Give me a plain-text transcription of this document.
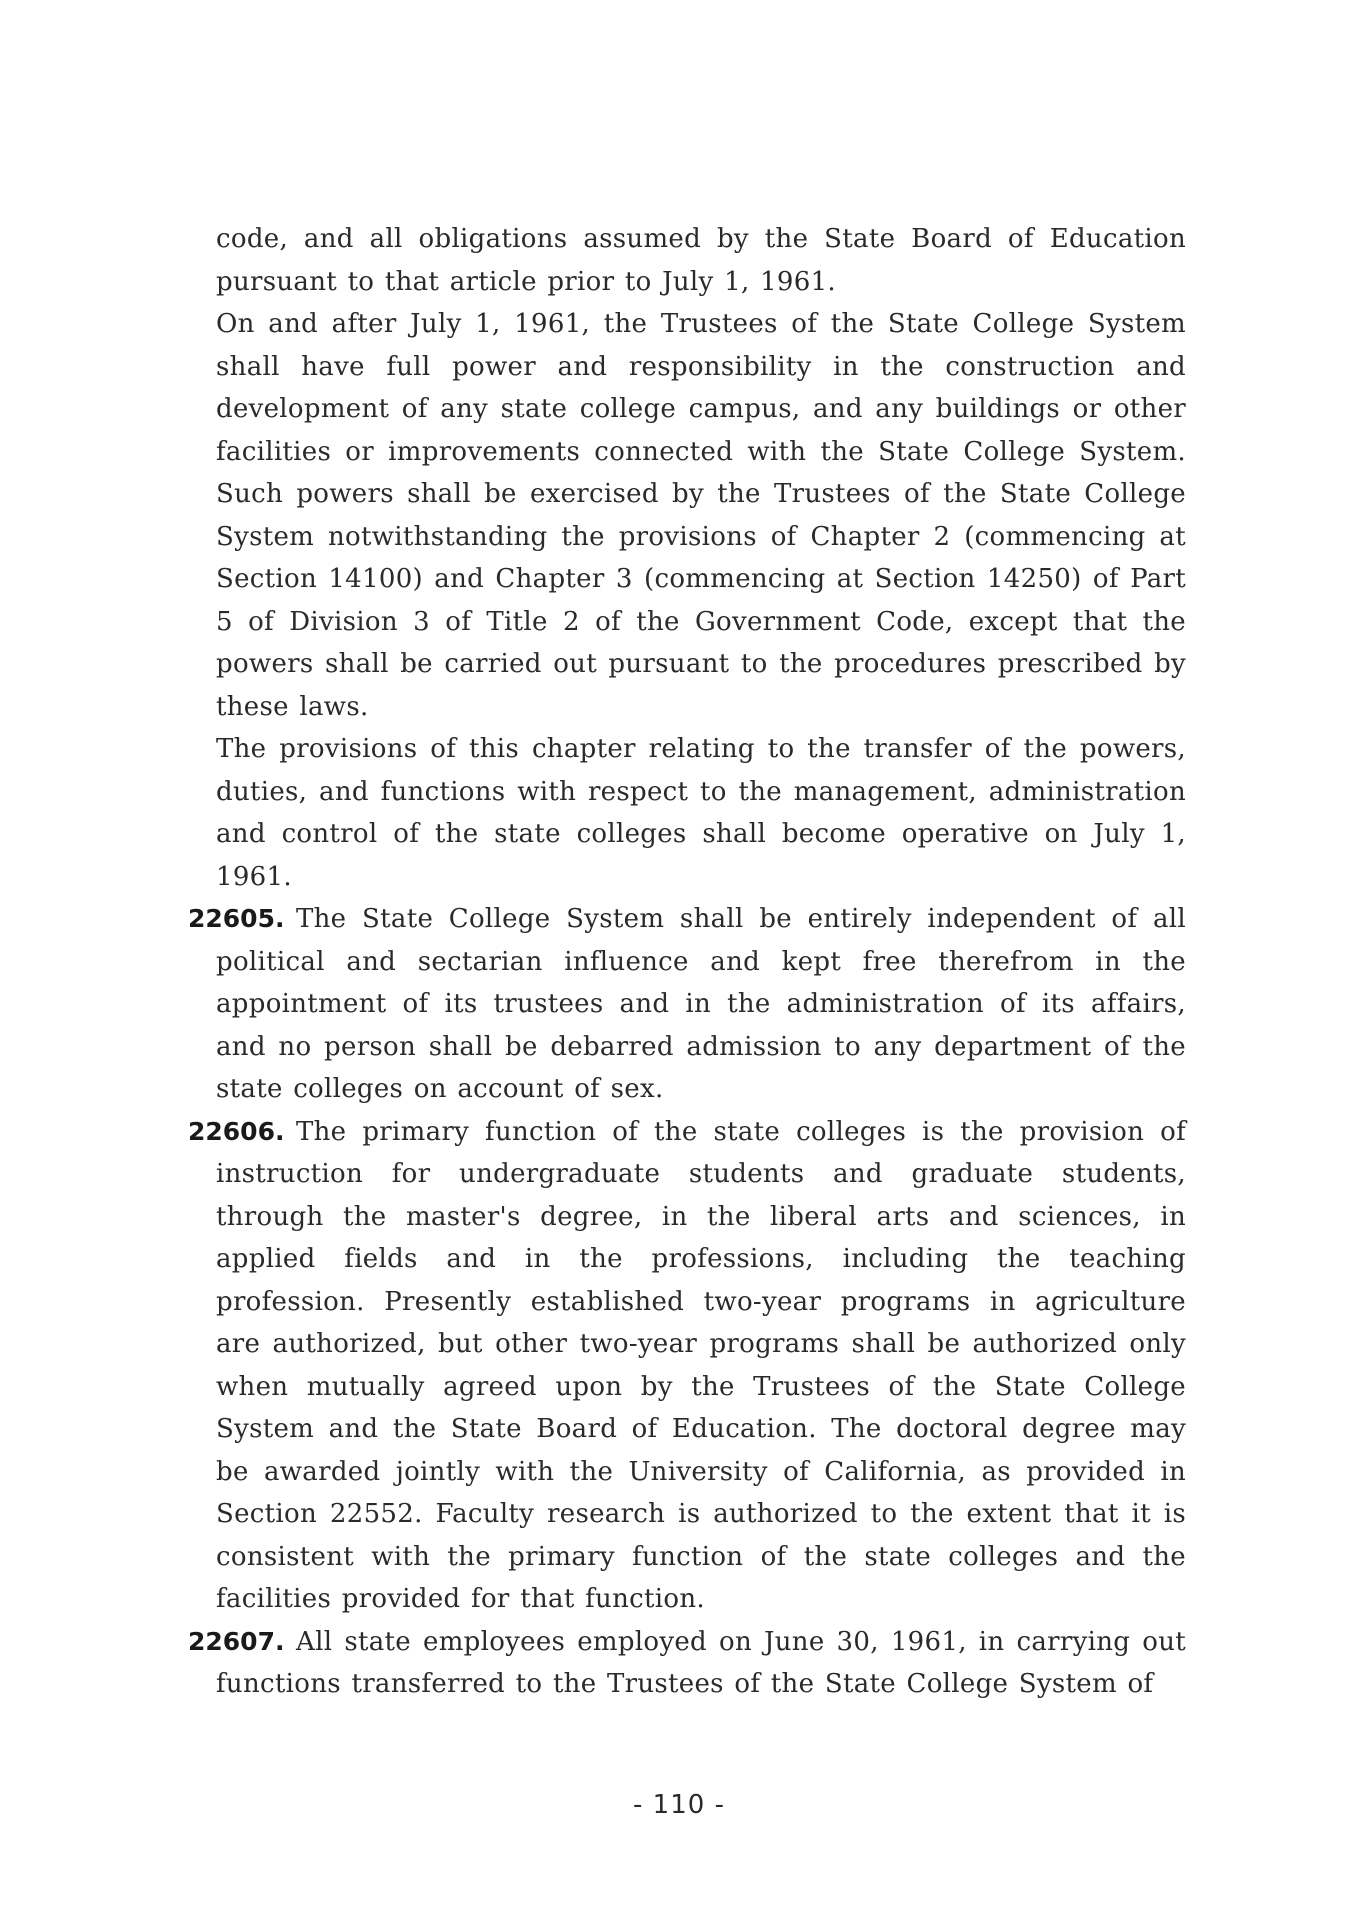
code, and all obligations assumed by the State Board of Education pursuant to that article prior to July 1, 1961.

On and after July 1, 1961, the Trustees of the State College System shall have full power and responsibility in the construction and development of any state college campus, and any buildings or other facilities or improvements connected with the State College System. Such powers shall be exercised by the Trustees of the State College System notwithstanding the provisions of Chapter 2 (commencing at Section 14100) and Chapter 3 (commencing at Section 14250) of Part 5 of Division 3 of Title 2 of the Government Code, except that the powers shall be carried out pursuant to the procedures prescribed by these laws.

The provisions of this chapter relating to the transfer of the powers, duties, and functions with respect to the management, administration and control of the state colleges shall become operative on July 1, 1961.

22605. The State College System shall be entirely independent of all political and sectarian influence and kept free therefrom in the appointment of its trustees and in the administration of its affairs, and no person shall be debarred admission to any department of the state colleges on account of sex.
22606. The primary function of the state colleges is the provision of instruction for undergraduate students and graduate students, through the master's degree, in the liberal arts and sciences, in applied fields and in the professions, including the teaching profession. Presently established two-year programs in agriculture are authorized, but other two-year programs shall be authorized only when mutually agreed upon by the Trustees of the State College System and the State Board of Education. The doctoral degree may be awarded jointly with the University of California, as provided in Section 22552. Faculty research is authorized to the extent that it is consistent with the primary function of the state colleges and the facilities provided for that function.
22607. All state employees employed on June 30, 1961, in carrying out functions transferred to the Trustees of the State College System of
- 110 -
